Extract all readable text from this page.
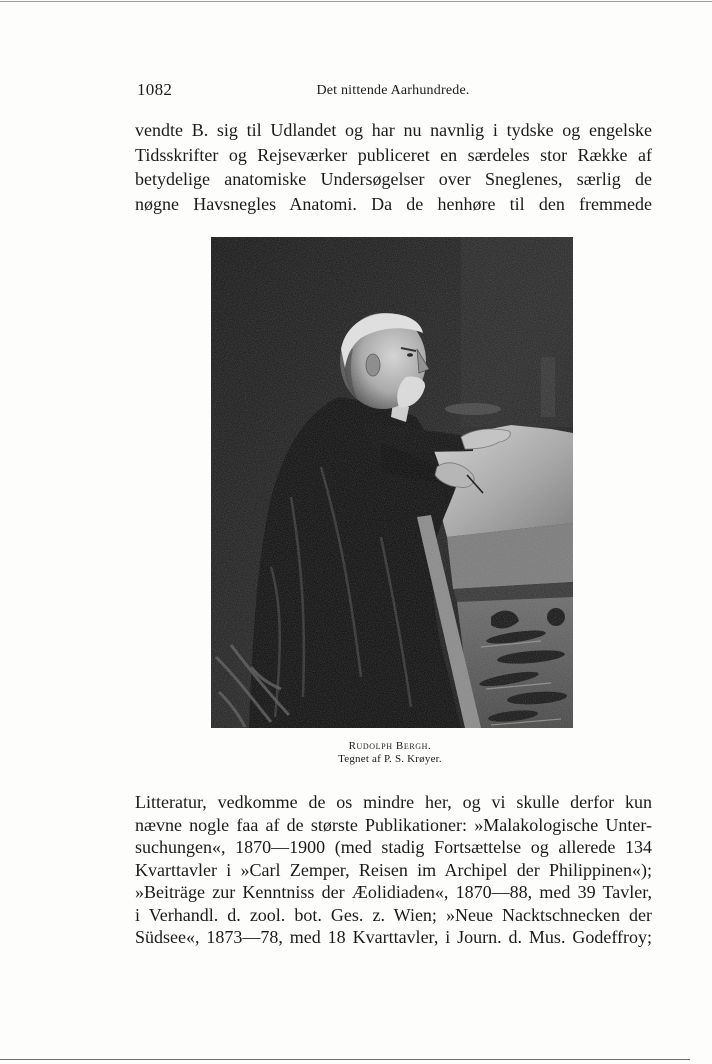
1082	Det nittende Aarhundrede.
vendte B. sig til Udlandet og har nu navnlig i tydske og engelske
Tidsskrifter og Rejseværker publiceret en særdeles stor Række af
betydelige anatomiske Undersøgelser over Sneglenes, særlig de
nøgne Havsnegles Anatomi. Da de henhøre til den fremmede
Rudolph Bergh.
Tegnet af P. S. Krøyer.
Litteratur, vedkomme de os mindre her, og vi skulle derfor kun
nævne nogle faa af de største Publikationer: »Malakologische Unter-
suchungen«, 1870—1900 (med stadig Fortsættelse og allerede 134
Kvarttavler i »Carl Zemper, Reisen im Archipel der Philippinen«);
»Beiträge zur Kenntniss der Æolidiaden«, 1870—88, med 39 Tavler,
i Verhandl. d. zool. bot. Ges. z. Wien; »Neue Nacktschnecken der
Südsee«, 1873—78, med 18 Kvarttavler, i Journ. d. Mus. Godeffroy;
